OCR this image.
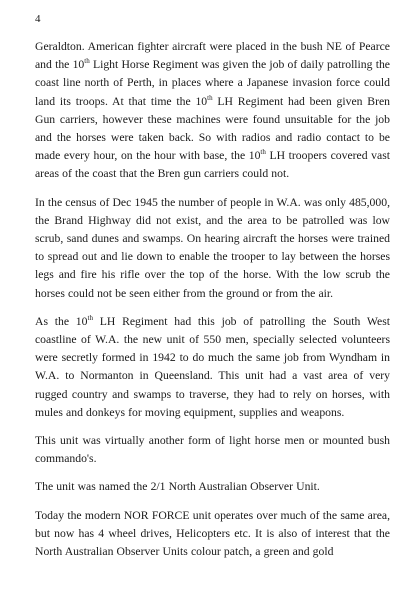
4

Geraldton. American fighter aircraft were placed in the bush NE of Pearce and the 10th Light Horse Regiment was given the job of daily patrolling the coast line north of Perth, in places where a Japanese invasion force could land its troops. At that time the 10th LH Regiment had been given Bren Gun carriers, however these machines were found unsuitable for the job and the horses were taken back. So with radios and radio contact to be made every hour, on the hour with base, the 10th LH troopers covered vast areas of the coast that the Bren gun carriers could not.

In the census of Dec 1945 the number of people in W.A. was only 485,000, the Brand Highway did not exist, and the area to be patrolled was low scrub, sand dunes and swamps. On hearing aircraft the horses were trained to spread out and lie down to enable the trooper to lay between the horses legs and fire his rifle over the top of the horse. With the low scrub the horses could not be seen either from the ground or from the air.

As the 10th LH Regiment had this job of patrolling the South West coastline of W.A. the new unit of 550 men, specially selected volunteers were secretly formed in 1942 to do much the same job from Wyndham in W.A. to Normanton in Queensland. This unit had a vast area of very rugged country and swamps to traverse, they had to rely on horses, with mules and donkeys for moving equipment, supplies and weapons.

This unit was virtually another form of light horse men or mounted bush commando's.

The unit was named the 2/1 North Australian Observer Unit.

Today the modern NOR FORCE unit operates over much of the same area, but now has 4 wheel drives, Helicopters etc. It is also of interest that the North Australian Observer Units colour patch, a green and gold
